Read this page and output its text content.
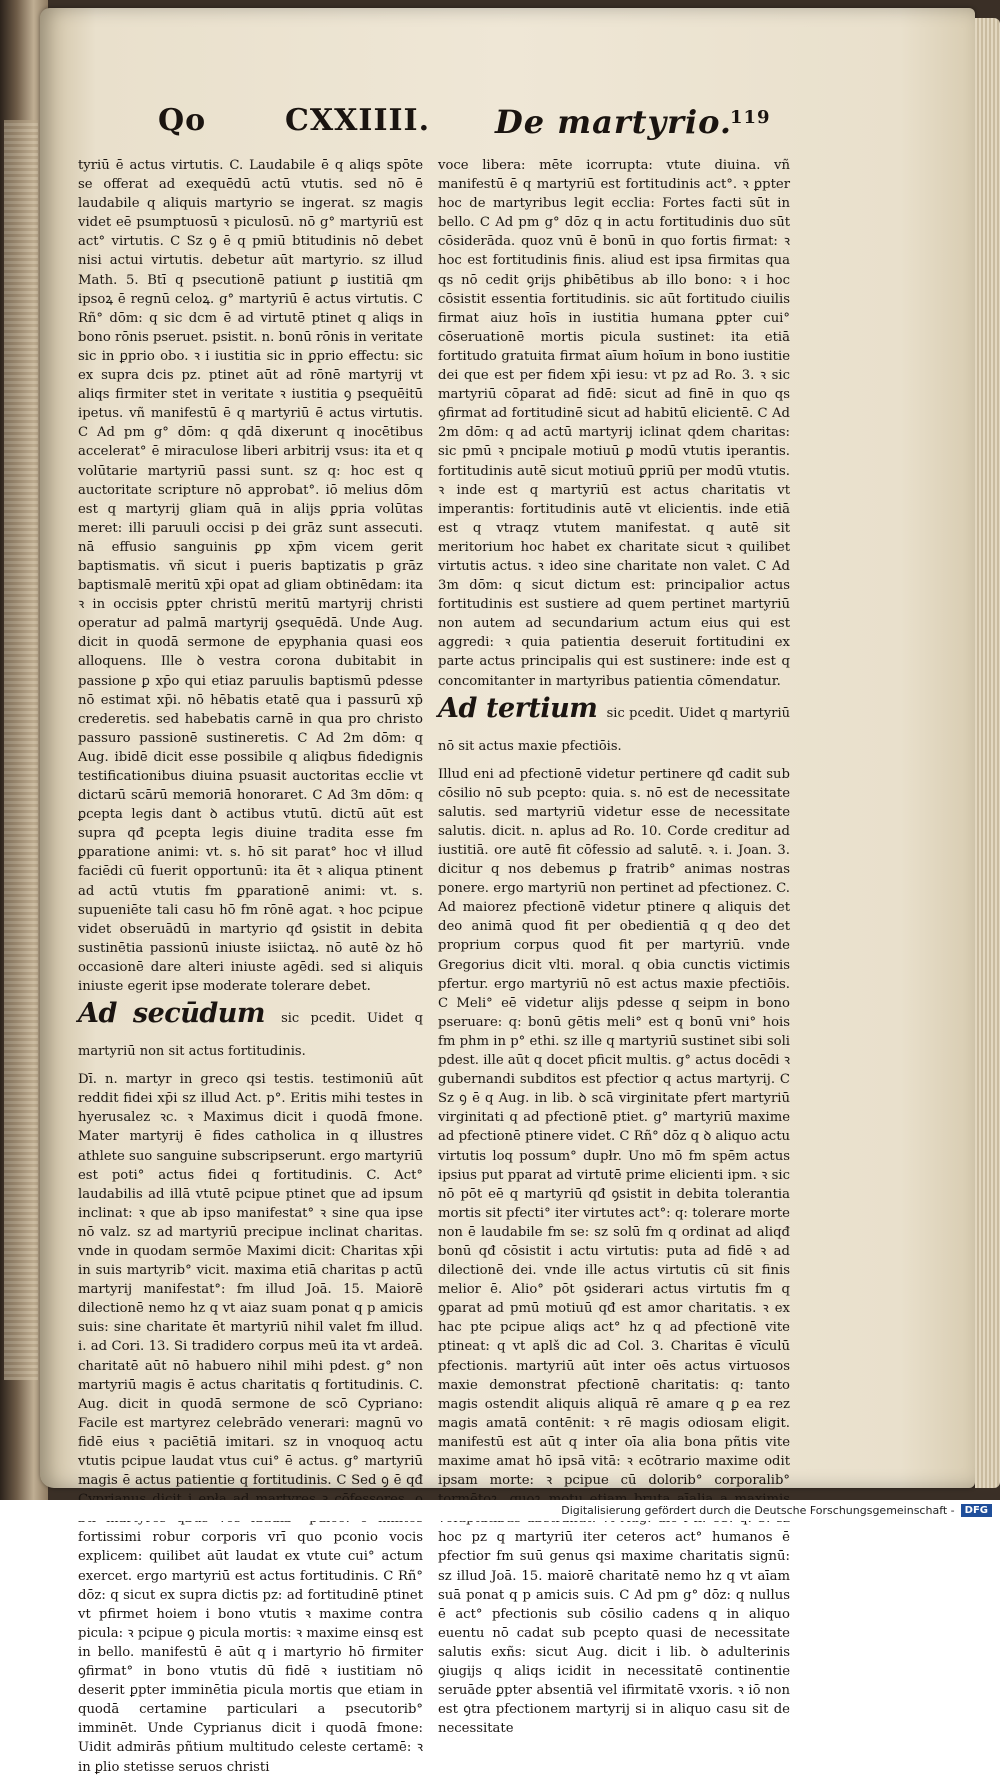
Qo	CXXIIII. De martyrio.
119

tyriū ē actus virtutis. C. Laudabile ē q aliqs spōte se offerat ad exequēdū actū vtutis. sed nō ē laudabile q aliquis martyrio se ingerat. sz magis videt eē psumptuosū ꝛ piculosū. nō g° martyriū est act° virtutis. C Sz ꝯ ē q pmiū btitudinis nō debet nisi actui virtutis. debetur aūt martyrio. sz illud Math. 5. Btī q psecutionē patiunt ꝑ iustitiā qm ipsoꝝ ē regnū celoꝝ. g° martyriū ē actus virtutis. C Rñ° dōm: q sic dcm ē ad virtutē ptinet q aliqs in bono rōnis pseruet. psistit. n. bonū rōnis in veritate sic in ꝑprio obo. ꝛ i iustitia sic in ꝑprio effectu: sic ex supra dcis pz. ptinet aūt ad rōnē martyrij vt aliqs firmiter stet in veritate ꝛ iustitia ꝯ psequēitū ipetus. vñ manifestū ē q martyriū ē actus virtutis. C Ad pm g° dōm: q qdā dixerunt q inocētibus accelerat° ē miraculose liberi arbitrij vsus: ita et q volūtarie martyriū passi sunt. sz q: hoc est q auctoritate scripture nō approbat°. iō melius dōm est q martyrij gliam quā in alijs ꝑpria volūtas meret: illi paruuli occisi p dei grāz sunt assecuti. nā effusio sanguinis ꝑp xp̄m vicem gerit baptismatis. vñ sicut i pueris baptizatis p grāz baptismalē meritū xp̄i opat ad gliam obtinēdam: ita ꝛ in occisis ꝑpter christū meritū martyrij christi operatur ad palmā martyrij ꝯsequēdā. Unde Aug. dicit in quodā sermone de epyphania quasi eos alloquens. Ille ꝺ vestra corona dubitabit in passione ꝑ xp̄o qui etiaz paruulis baptismū pdesse nō estimat xp̄i. nō hēbatis etatē qua i passurū xp̄ crederetis. sed habebatis carnē in qua pro christo passuro passionē sustineretis. C Ad 2m dōm: q Aug. ibidē dicit esse possibile q aliqbus fidedignis testificationibus diuina psuasit auctoritas ecclie vt dictarū scārū memoriā honoraret. C Ad 3m dōm: q ꝑcepta legis dant ꝺ actibus vtutū. dictū aūt est supra qđ ꝑcepta legis diuine tradita esse fm ꝑparatione animi: vt. s. hō sit parat° hoc vł illud faciēdi cū fuerit opportunū: ita ēt ꝛ aliqua ptinent ad actū vtutis fm ꝑparationē animi: vt. s. supueniēte tali casu hō fm rōnē agat. ꝛ hoc pcipue videt obseruādū in martyrio qđ ꝯsistit in debita sustinētia passionū iniuste isiictaꝝ. nō autē ꝺz hō occasionē dare alteri iniuste agēdi. sed si aliquis iniuste egerit ipse moderate tolerare debet.

Ad secūdum sic pcedit. Uidet q martyriū non sit actus fortitudinis.

Dī. n. martyr in greco qsi testis. testimoniū aūt reddit fidei xp̄i sz illud Act. p°. Eritis mihi testes in hyerusalez ꝛc. ꝛ Maximus dicit i quodā fmone. Mater martyrij ē fides catholica in q illustres athlete suo sanguine subscripserunt. ergo martyriū est poti° actus fidei q fortitudinis. C. Act° laudabilis ad illā vtutē pcipue ptinet que ad ipsum inclinat: ꝛ que ab ipso manifestat° ꝛ sine qua ipse nō valz. sz ad martyriū precipue inclinat charitas. vnde in quodam sermōe Maximi dicit: Charitas xp̄i in suis martyrib° vicit. maxima etiā charitas p actū martyrij manifestat°: fm illud Joā. 15. Maiorē dilectionē nemo hz q vt aiaz suam ponat q p amicis suis: sine charitate ēt martyriū nihil valet fm illud. i. ad Cori. 13. Si tradidero corpus meū ita vt ardeā. charitatē aūt nō habuero nihil mihi pdest. g° non martyriū magis ē actus charitatis q fortitudinis. C. Aug. dicit in quodā sermone de scō Cypriano: Facile est martyrez celebrādo venerari: magnū vo fidē eius ꝛ paciētiā imitari. sz in vnoquoq actu vtutis pcipue laudat vtus cui° ē actus. g° martyriū magis ē actus patientie q fortitudinis. C Sed ꝯ ē qđ fortissimi robur corporis vrī quo pconio vocis explicem: quilibet aūt laudat ex vtute cui° actum exercet. ergo martyriū est actus fortitudinis. C Rñ° dōz: q sicut ex supra dictis pz: ad fortitudinē ptinet vt pfirmet hoiem i bono vtutis ꝛ maxime contra picula: ꝛ pcipue ꝯ picula mortis: ꝛ maxime einsq est in bello. manifestū ē aūt q i martyrio hō firmiter ꝯfirmat° in bono vtutis dū fidē ꝛ iustitiam nō deserit ꝑpter imminētia picula mortis que etiam in quodā certamine particulari a psecutorib° imminēt. Unde Cyprianus dicit i quodā fmone: Uidit admirās pñtium multitudo celeste certamē: ꝛ in ꝑlio stetisse seruos christi

voce libera: mēte icorrupta: vtute diuina. vñ manifestū ē q martyriū est fortitudinis act°. ꝛ ꝑpter hoc de martyribus legit ecclia: Fortes facti sūt in bello. C Ad pm g° dōz q in actu fortitudinis duo sūt cōsiderāda. quoz vnū ē bonū in quo fortis firmat: ꝛ hoc est fortitudinis finis. aliud est ipsa firmitas qua qs nō cedit ꝯrijs ꝑhibētibus ab illo bono: ꝛ i hoc cōsistit essentia fortitudinis. sic aūt fortitudo ciuilis firmat aiuz hoīs in iustitia humana ꝑpter cui° cōseruationē mortis picula sustinet: ita etiā fortitudo gratuita firmat aīum hoīum in bono iustitie dei que est per fidem xp̄i iesu: vt pz ad Ro. 3. ꝛ sic martyriū cōparat ad fidē: sicut ad finē in quo qs ꝯfirmat ad fortitudinē sicut ad habitū elicientē. C Ad 2m dōm: q ad actū martyrij iclinat qdem charitas: sic pmū ꝛ pncipale motiuū ꝑ modū vtutis iperantis. fortitudinis autē sicut motiuū ꝑpriū per modū vtutis. ꝛ inde est q martyriū est actus charitatis vt imperantis: fortitudinis autē vt elicientis. inde etiā est q vtraqz vtutem manifestat. q autē sit meritorium hoc habet ex charitate sicut ꝛ quilibet virtutis actus. ꝛ ideo sine charitate non valet. C Ad 3m dōm: q sicut dictum est: principalior actus fortitudinis est sustiere ad quem pertinet martyriū non autem ad secundarium actum eius qui est aggredi: ꝛ quia patientia deseruit fortitudini ex parte actus principalis qui est sustinere: inde est q concomitanter in martyribus patientia cōmendatur.

Ad tertium sic pcedit. Uidet q martyriū nō sit actus maxie pfectiōis.

Illud eni ad pfectionē videtur pertinere qđ cadit sub cōsilio nō sub pcepto: quia. s. nō est de necessitate salutis. sed martyriū videtur esse de necessitate salutis. dicit. n. aplus ad Ro. 10. Corde creditur ad iustitiā. ore autē fit cōfessio ad salutē. ꝛ. i. Joan. 3. dicitur q nos debemus ꝑ fratrib° animas nostras ponere. ergo martyriū non pertinet ad pfectionez. C. Ad maiorez pfectionē videtur ptinere q aliquis det deo animā quod fit per obedientiā q q deo det proprium corpus quod fit per martyriū. vnde Gregorius dicit vlti. moral. q obia cunctis victimis pfertur. ergo martyriū nō est actus maxie pfectiōis. C Meli° eē videtur alijs pdesse q seipm in bono pseruare: q: bonū gētis meli° est q bonū vni° hois fm phm in p° ethi. sz ille q martyriū sustinet sibi soli pdest. ille aūt q docet pficit multis. g° actus docēdi ꝛ gubernandi subditos est pfectior q actus martyrij. C Sz ꝯ ē q Aug. in lib. ꝺ scā virginitate pfert martyriū virginitati q ad pfectionē ptiet. g° martyriū maxime ad pfectionē ptinere videt. C Rñ° dōz q ꝺ aliquo actu virtutis loq possum° dupłr. Uno mō fm spēm actus ipsius put pparat ad virtutē prime elicienti ipm. ꝛ sic nō pōt eē q martyriū qđ ꝯsistit in debita tolerantia mortis sit pfecti° iter virtutes act°: q: tolerare morte non ē laudabile fm se: sz solū fm q ordinat ad aliqđ bonū qđ cōsistit i actu virtutis: puta ad fidē ꝛ ad dilectionē dei. vnde ille actus virtutis cū sit finis melior ē. Alio° pōt ꝯsiderari actus virtutis fm q ꝯparat ad pmū motiuū qđ est amor charitatis. ꝛ ex hac pte pcipue aliqs act° hz q ad pfectionē vite ptineat: q vt aplš dic ad Col. 3. Charitas ē vīculū pfectionis. martyriū aūt inter oēs actus virtuosos maxie demonstrat pfectionē charitatis: q: tanto magis ostendit aliquis aliquā rē amare q ꝑ ea rez magis amatā contēnit: ꝛ rē magis odiosam eligit. manifestū est aūt q inter oīa alia bona pñtis vite maxime amat hō ipsā vitā: ꝛ ecōtrario maxime odit ipsam morte: ꝛ pcipue cū dolorib° corporalib° hoc pz q martyriū iter ceteros act° humanos ē pfectior fm suū genus qsi maxime charitatis signū: sz illud Joā. 15. maiorē charitatē nemo hz q vt aīam suā ponat q p amicis suis. C Ad pm g° dōz: q nullus ē act° pfectionis sub cōsilio cadens q in aliquo euentu nō cadat sub pcepto quasi de necessitate salutis exñs: sicut Aug. dicit i lib. ꝺ adulterinis ꝯiugijs q aliqs icidit in necessitatē continentie seruāde ꝑpter absentiā vel ifirmitatē vxoris. ꝛ iō non est ꝯtra pfectionem martyrij si in aliquo casu sit de necessitate

Digitalisierung gefördert durch die Deutsche Forschungsgemeinschaft -	DFG
